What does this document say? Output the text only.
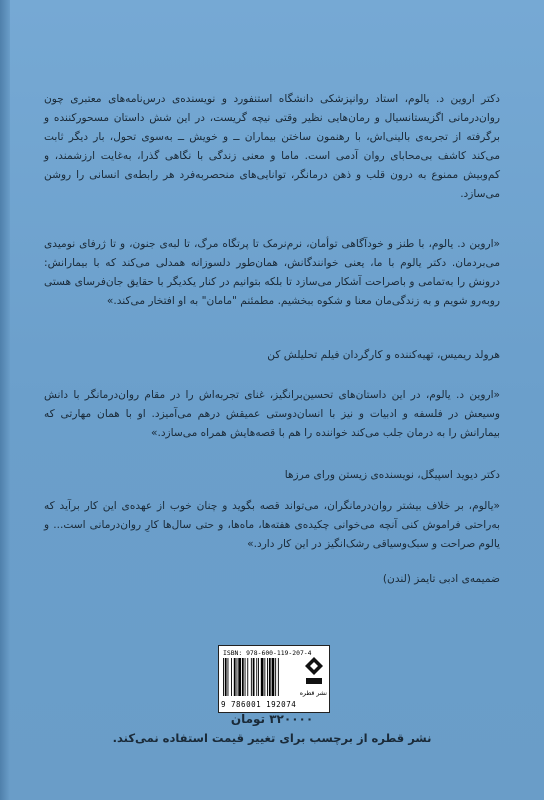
دکتر اروین د. یالوم، استاد روانپزشکی دانشگاه استنفورد و نویسنده‌ی درس‌نامه‌های معتبری چون روان‌درمانی اگزیستانسیال و رمان‌هایی نظیر وقتی نیچه گریست، در این شش داستان مسحورکننده و برگرفته از تجربه‌ی بالینی‌اش، با رهنمون ساختن بیماران ــ و خویش ــ به‌سوی تحول، بار دیگر ثابت می‌کند کاشف بی‌محابای روان آدمی است. ماما و معنی زندگی با نگاهی گذرا، به‌غایت ارزشمند، و کم‌وبیش ممنوع به درون قلب و ذهن درمانگر، توانایی‌های منحصربه‌فرد هر رابطه‌ی انسانی را روشن می‌سازد.

«اروین د. یالوم، با طنز و خودآگاهی توأمان، نرم‌نرمک تا پرتگاه مرگ، تا لبه‌ی جنون، و تا ژرفای نومیدی می‌بردمان. دکتر یالوم با ما، یعنی خوانندگانش، همان‌طور دلسوزانه همدلی می‌کند که با بیمارانش: درونش را به‌تمامی و باصراحت آشکار می‌سازد تا بلکه بتوانیم در کنار یکدیگر با حقایق جان‌فرسای هستی روبه‌رو شویم و به زندگی‌مان معنا و شکوه ببخشیم. مطمئنم "مامان" به او افتخار می‌کند.»

هرولد ریمیس، تهیه‌کننده و کارگردان فیلم تحلیلش کن

«اروین د. یالوم، در این داستان‌های تحسین‌برانگیز، غنای تجربه‌اش را در مقام روان‌درمانگر با دانش وسیعش در فلسفه و ادبیات و نیز با انسان‌دوستی عمیقش درهم می‌آمیزد. او با همان مهارتی که بیمارانش را به درمان جلب می‌کند خواننده را هم با قصه‌هایش همراه می‌سازد.»

دکتر دیوید اسپیگل، نویسنده‌ی زیستن ورای مرزها

«یالوم، بر خلاف بیشتر روان‌درمانگران، می‌تواند قصه بگوید و چنان خوب از عهده‌ی این کار برآید که به‌راحتی فراموش کنی آنچه می‌خوانی چکیده‌ی هفته‌ها، ماه‌ها، و حتی سال‌ها کارِ روان‌درمانی است... و یالوم صراحت و سبک‌وسیاقی رشک‌انگیز در این کار دارد.»

ضمیمه‌ی ادبی تایمز (لندن)
ISBN: 978-600-119-207-4
9 786001 192074
نشر قطره
۳۲۰۰۰۰ تومان
نشر قطره از برچسب برای تغییر قیمت استفاده نمی‌کند.
